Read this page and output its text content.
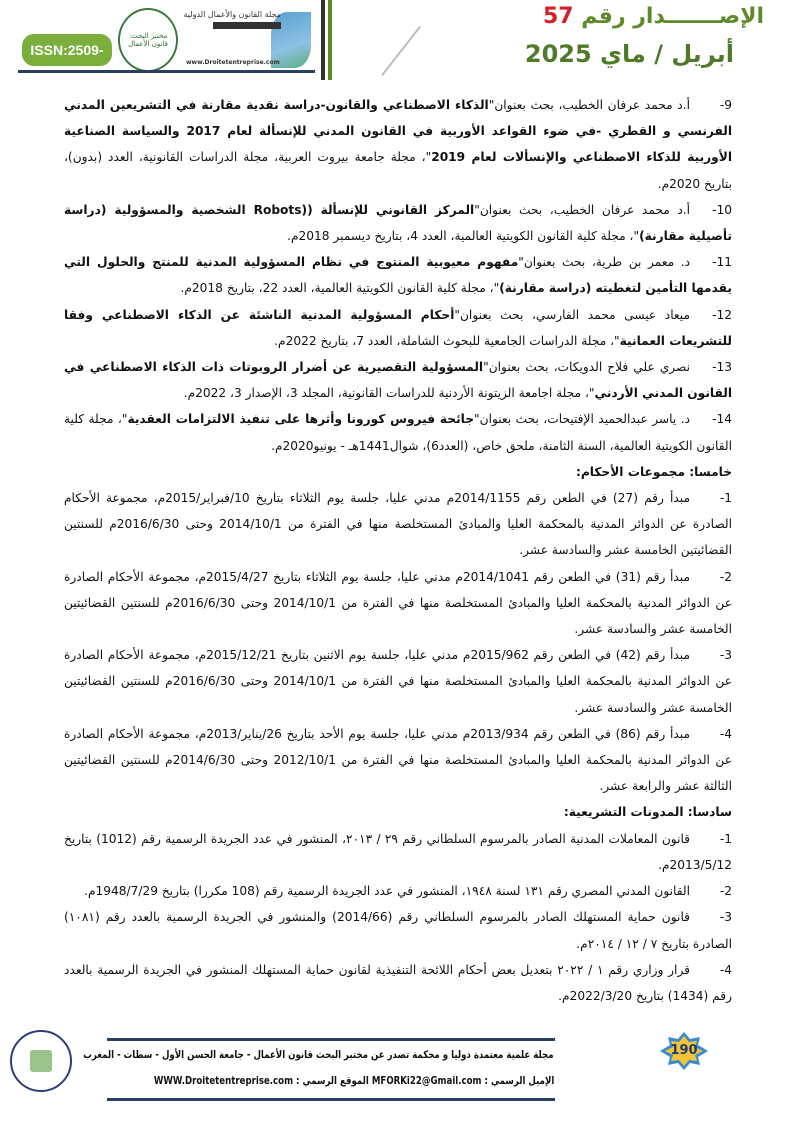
ISSN:2509-0291
مختبر البحث: قانون الأعمال
مجلة القانون والأعمال الدولية
www.Droitetentreprise.com
الإصـــــــدار رقم 57
أبريل / ماي 2025

9-أ.د محمد عرفان الخطيب، بحث بعنوان"الذكاء الاصطناعي والقانون-دراسة نقدية مقارنة في التشريعين المدني الفرنسي و القطري -في ضوء القواعد الأوربية في القانون المدني للإنسألة لعام 2017 والسياسة الصناعية الأوربية للذكاء الاصطناعي والإنسألات لعام 2019"، مجلة جامعة بيروت العربية، مجلة الدراسات القانونية، العدد (بدون)، بتاريخ 2020م.

10-أ.د محمد عرفان الخطيب، بحث بعنوان"المركز القانوني للإنسألة ((Robots الشخصية والمسؤولية (دراسة تأصيلية مقارنة)"، مجلة كلية القانون الكويتية العالمية، العدد 4، بتاريخ ديسمبر 2018م.

11-د. معمر بن طرية، بحث بعنوان"مفهوم معيوبية المنتوج في نظام المسؤولية المدنية للمنتج والحلول التي يقدمها التأمين لتغطيته (دراسة مقارنة)"، مجلة كلية القانون الكويتية العالمية، العدد 22، بتاريخ 2018م.

12-ميعاد عيسى محمد الفارسي، بحث بعنوان"أحكام المسؤولية المدنية الناشئة عن الذكاء الاصطناعي وفقا للتشريعات العمانية"، مجلة الدراسات الجامعية للبحوث الشاملة، العدد 7، بتاريخ 2022م.

13-نصري علي فلاح الدويكات، بحث بعنوان"المسؤولية التقصيرية عن أضرار الروبوتات ذات الذكاء الاصطناعي في القانون المدني الأردني"، مجلة اجامعة الزيتونة الأردنية للدراسات القانونية، المجلد 3، الإصدار 3، 2022م.

14-د. ياسر عبدالحميد الإفتيحات، بحث بعنوان"جائحة فيروس كورونا وأثرها على تنفيذ الالتزامات العقدية"، مجلة كلية القانون الكويتية العالمية، السنة الثامنة، ملحق خاص، (العدد6)، شوال1441هـ - يونيو2020م.

خامسا: مجموعات الأحكام:

1-مبدأ رقم (27) في الطعن رقم 2014/1155م مدني عليا، جلسة يوم الثلاثاء بتاريخ 10/فبراير/2015م، مجموعة الأحكام الصادرة عن الدوائر المدنية بالمحكمة العليا والمبادئ المستخلصة منها في الفترة من 2014/10/1 وحتى 2016/6/30م للسنتين القضائيتين الخامسة عشر والسادسة عشر.

2-مبدأ رقم (31) في الطعن رقم 2014/1041م مدني عليا، جلسة يوم الثلاثاء بتاريخ 2015/4/27م، مجموعة الأحكام الصادرة عن الدوائر المدنية بالمحكمة العليا والمبادئ المستخلصة منها في الفترة من 2014/10/1 وحتى 2016/6/30م للسنتين القضائيتين الخامسة عشر والسادسة عشر.

3-مبدأ رقم (42) في الطعن رقم 2015/962م مدني عليا، جلسة يوم الاثنين بتاريخ 2015/12/21م، مجموعة الأحكام الصادرة عن الدوائر المدنية بالمحكمة العليا والمبادئ المستخلصة منها في الفترة من 2014/10/1 وحتى 2016/6/30م للسنتين القضائيتين الخامسة عشر والسادسة عشر.

4-مبدأ رقم (86) في الطعن رقم 2013/934م مدني عليا، جلسة يوم الأحد بتاريخ 26/يناير/2013م، مجموعة الأحكام الصادرة عن الدوائر المدنية بالمحكمة العليا والمبادئ المستخلصة منها في الفترة من 2012/10/1 وحتى 2014/6/30م للسنتين القضائيتين الثالثة عشر والرابعة عشر.

سادسا: المدونات التشريعية:

1-قانون المعاملات المدنية الصادر بالمرسوم السلطاني رقم ٢٩ / ٢٠١٣، المنشور في عدد الجريدة الرسمية رقم (1012) بتاريخ 2013/5/12م.

2-القانون المدني المصري رقم ١٣١ لسنة ١٩٤٨، المنشور في عدد الجريدة الرسمية رقم (108 مكررا) بتاريخ 1948/7/29م.

3-قانون حماية المستهلك الصادر بالمرسوم السلطاني رقم (2014/66) والمنشور في الجريدة الرسمية بالعدد رقم (١٠٨١) الصادرة بتاريخ ٧ / ١٢ / ٢٠١٤م.

4-قرار وزاري رقم ١ / ٢٠٢٢ بتعديل بعض أحكام اللائحة التنفيذية لقانون حماية المستهلك المنشور في الجريدة الرسمية بالعدد رقم (1434) بتاريخ 2022/3/20م.

مجلة علمية معتمدة دوليا و محكمة تصدر عن مختبر البحث قانون الأعمال - جامعة الحسن الأول - سطات - المغرب
الإميل الرسمي : MFORKi22@Gmail.com الموقع الرسمي : WWW.Droitetentreprise.com
190
